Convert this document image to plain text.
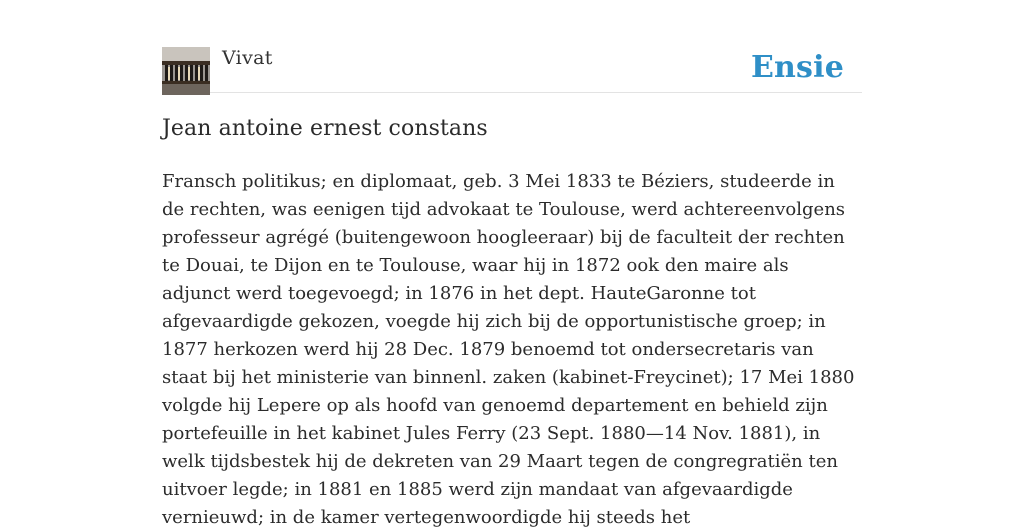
Vivat	Ensie
Jean antoine ernest constans

Fransch politikus; en diplomaat, geb. 3 Mei 1833 te Béziers, studeerde in de rechten, was eenigen tijd advokaat te Toulouse, werd achtereenvolgens professeur agrégé (buitengewoon hoogleeraar) bij de faculteit der rechten te Douai, te Dijon en te Toulouse, waar hij in 1872 ook den maire als adjunct werd toegevoegd; in 1876 in het dept. HauteGaronne tot afgevaardigde gekozen, voegde hij zich bij de opportunistische groep; in 1877 herkozen werd hij 28 Dec. 1879 benoemd tot ondersecretaris van staat bij het ministerie van binnenl. zaken (kabinet-Freycinet); 17 Mei 1880 volgde hij Lepere op als hoofd van genoemd departement en behield zijn portefeuille in het kabinet Jules Ferry (23 Sept. 1880—14 Nov. 1881), in welk tijdsbestek hij de dekreten van 29 Maart tegen de congregratiën ten uitvoer legde; in 1881 en 1885 werd zijn mandaat van afgevaardigde vernieuwd; in de kamer vertegenwoordigde hij steeds het
